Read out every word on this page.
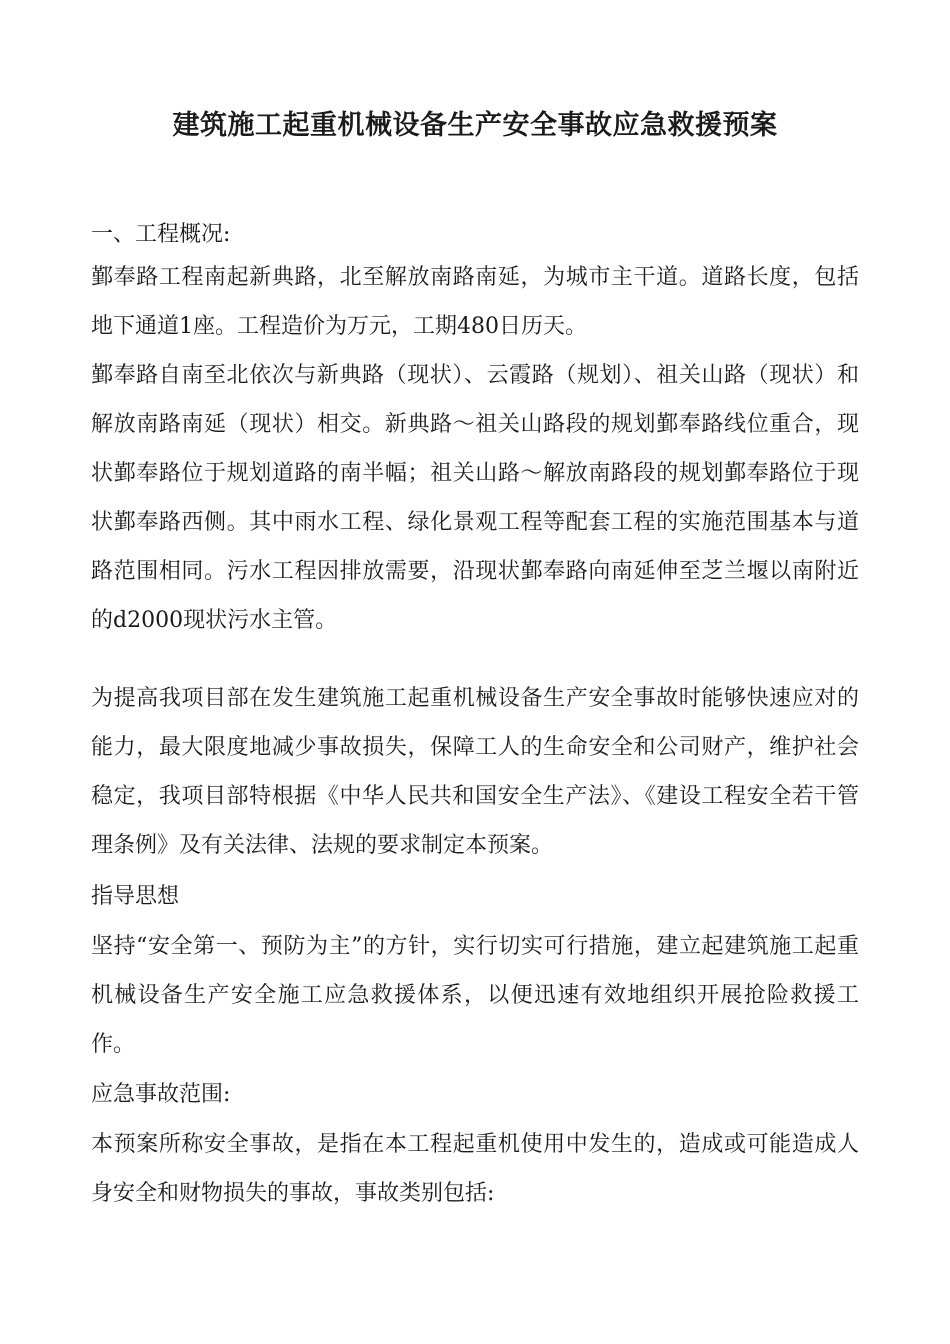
建筑施工起重机械设备生产安全事故应急救援预案

一、工程概况:

鄞奉路工程南起新典路，北至解放南路南延，为城市主干道。道路长度，包括地下通道1座。工程造价为万元，工期480日历天。

鄞奉路自南至北依次与新典路（现状）、云霞路（规划）、祖关山路（现状）和解放南路南延（现状）相交。新典路～祖关山路段的规划鄞奉路线位重合，现状鄞奉路位于规划道路的南半幅；祖关山路～解放南路段的规划鄞奉路位于现状鄞奉路西侧。其中雨水工程、绿化景观工程等配套工程的实施范围基本与道路范围相同。污水工程因排放需要，沿现状鄞奉路向南延伸至芝兰堰以南附近的d2000现状污水主管。

为提高我项目部在发生建筑施工起重机械设备生产安全事故时能够快速应对的能力，最大限度地减少事故损失，保障工人的生命安全和公司财产，维护社会稳定，我项目部特根据《中华人民共和国安全生产法》、《建设工程安全若干管理条例》及有关法律、法规的要求制定本预案。

指导思想

坚持“安全第一、预防为主”的方针，实行切实可行措施，建立起建筑施工起重机械设备生产安全施工应急救援体系，以便迅速有效地组织开展抢险救援工作。

应急事故范围:

本预案所称安全事故，是指在本工程起重机使用中发生的，造成或可能造成人身安全和财物损失的事故，事故类别包括:
